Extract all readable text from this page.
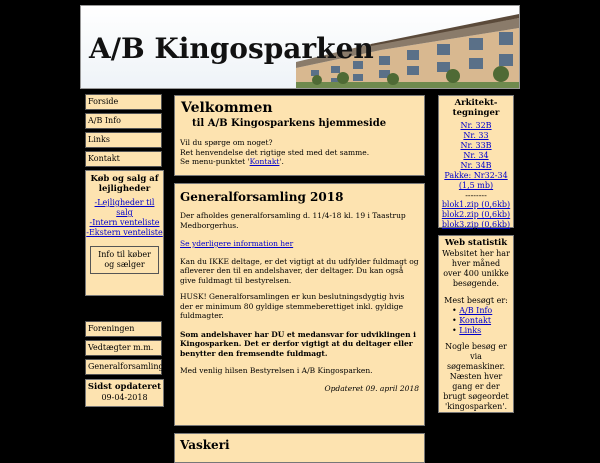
A/B Kingosparken
Forside
A/B Info
Links
Kontakt
Køb og salg af lejligheder
-Lejligheder til salg
-Intern venteliste
-Ekstern venteliste
Info til køber og sælger
Foreningen
Vedtægter m.m.
Generalforsamling
Sidst opdateret
09-04-2018
Velkommen
til A/B Kingosparkens hjemmeside

Vil du spørge om noget?

Ret henvendelse det rigtige sted med det samme.

Se menu-punktet 'Kontakt'.

Generalforsamling 2018

Der afholdes generalforsamling d. 11/4-18 kl. 19 i Taastrup Medborgerhus.

Se yderligere information her

Kan du IKKE deltage, er det vigtigt at du udfylder fuldmagt og afleverer den til en andelshaver, der deltager. Du kan også give fuldmagt til bestyrelsen.

HUSK! Generalforsamlingen er kun beslutningsdygtig hvis der er minimum 80 gyldige stemmeberettiget inkl. gyldige fuldmagter.

Som andelshaver har DU et medansvar for udviklingen i Kingosparken. Det er derfor vigtigt at du deltager eller benytter den fremsendte fuldmagt.

Med venlig hilsen Bestyrelsen i A/B Kingosparken.

Opdateret 09. april 2018

Vaskeri

Arkitekt-tegninger
Nr. 32B
Nr. 33
Nr. 33B
Nr. 34
Nr. 34B
Pakke: Nr32-34 (1,5 mb)
--------
blok1.zip (0,6kb)
blok2.zip (0,6kb)
blok3.zip (0,6kb)
Web statistik
Websitet her har hver måned over 400 unikke besøgende.
Mest besøgt er:
• A/B Info
• Kontakt
• Links
Nogle besøg er via søgemaskiner. Næsten hver gang er der brugt søgeordet 'kingosparken'.
